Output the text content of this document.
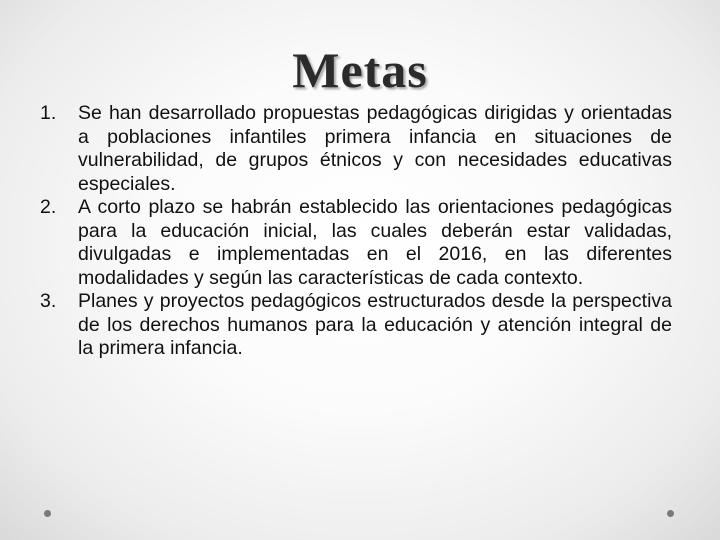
Metas
1. Se han desarrollado propuestas pedagógicas dirigidas y orientadas a poblaciones infantiles primera infancia en situaciones de vulnerabilidad, de grupos étnicos y con necesidades educativas especiales.
2. A corto plazo se habrán establecido las orientaciones pedagógicas para la educación inicial, las cuales deberán estar validadas, divulgadas e implementadas en el 2016, en las diferentes modalidades y según las características de cada contexto.
3. Planes y proyectos pedagógicos estructurados desde la perspectiva de los derechos humanos para la educación y atención integral de la primera infancia.
